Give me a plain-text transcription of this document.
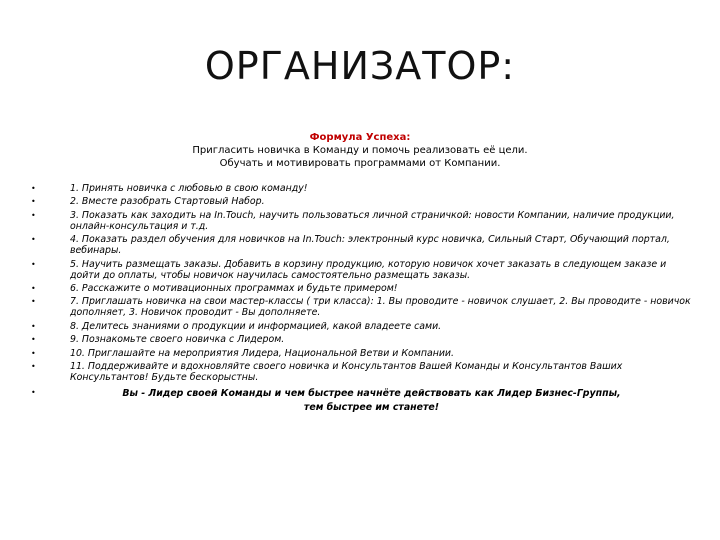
ОРГАНИЗАТОР:
Формула Успеха:
Пригласить новичка в Команду и помочь реализовать её цели.
Обучать и мотивировать программами от Компании.
•	1. Принять новичка с любовью в свою команду!
•	2. Вместе разобрать Стартовый Набор.
•	3. Показать как заходить на In.Touch, научить пользоваться личной страничкой: новости Компании, наличие продукции, онлайн-консультация и т.д.
•	4. Показать раздел обучения для новичков на In.Touch: электронный курс новичка, Сильный Старт, Обучающий портал, вебинары.
•	5. Научить размещать заказы. Добавить в корзину продукцию, которую новичок хочет заказать в следующем заказе и дойти до оплаты, чтобы новичок научилась самостоятельно размещать заказы.
•	6. Расскажите о мотивационных программах и будьте примером!
•	7. Приглашать новичка на свои мастер-классы ( три класса): 1. Вы проводите - новичок слушает, 2. Вы проводите - новичок дополняет, 3. Новичок проводит - Вы дополняете.
•	8. Делитесь знаниями о продукции и информацией, какой владеете сами.
•	9. Познакомьте своего новичка с Лидером.
•	10. Приглашайте на мероприятия Лидера, Национальной Ветви и Компании.
•	11. Поддерживайте и вдохновляйте своего новичка и Консультантов Вашей Команды и Консультантов Ваших Консультантов! Будьте бескорыстны.
•	Вы - Лидер своей Команды и чем быстрее начнёте действовать как Лидер Бизнес-Группы,
тем быстрее им станете!
